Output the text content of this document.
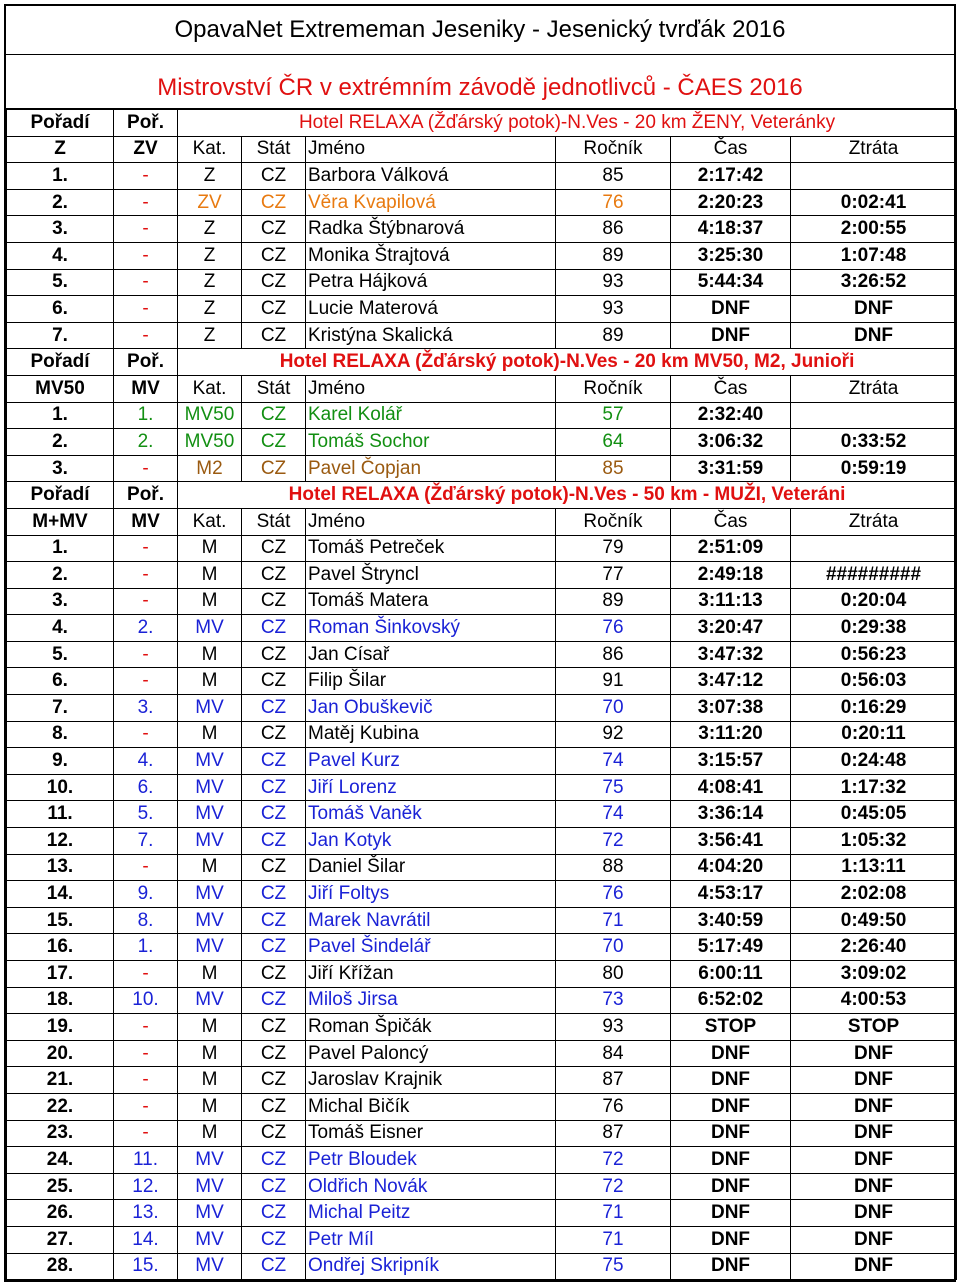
OpavaNet Extrememan Jeseniky - Jesenický tvrďák 2016
Mistrovství ČR v extrémním závodě jednotlivců - ČAES 2016
Pořadí	Poř.	Hotel RELAXA (Žďárský potok)-N.Ves - 20 km ŽENY, Veteránky					
Z	ZV	Kat.	Stát	Jméno	Ročník	Čas	Ztráta
1.	-	Z	CZ	Barbora Válková	85	2:17:42	
2.	-	ZV	CZ	Věra Kvapilová	76	2:20:23	0:02:41
3.	-	Z	CZ	Radka Štýbnarová	86	4:18:37	2:00:55
4.	-	Z	CZ	Monika Štrajtová	89	3:25:30	1:07:48
5.	-	Z	CZ	Petra Hájková	93	5:44:34	3:26:52
6.	-	Z	CZ	Lucie Materová	93	DNF	DNF
7.	-	Z	CZ	Kristýna Skalická	89	DNF	DNF
Pořadí	Poř.	Hotel RELAXA (Žďárský potok)-N.Ves - 20 km MV50, M2, Junioři					
MV50	MV	Kat.	Stát	Jméno	Ročník	Čas	Ztráta
1.	1.	MV50	CZ	Karel Kolář	57	2:32:40	
2.	2.	MV50	CZ	Tomáš Sochor	64	3:06:32	0:33:52
3.	-	M2	CZ	Pavel Čopjan	85	3:31:59	0:59:19
Pořadí	Poř.	Hotel RELAXA (Žďárský potok)-N.Ves - 50 km - MUŽI, Veteráni					
M+MV	MV	Kat.	Stát	Jméno	Ročník	Čas	Ztráta
1.	-	M	CZ	Tomáš Petreček	79	2:51:09	
2.	-	M	CZ	Pavel Štryncl	77	2:49:18	#########
3.	-	M	CZ	Tomáš Matera	89	3:11:13	0:20:04
4.	2.	MV	CZ	Roman Šinkovský	76	3:20:47	0:29:38
5.	-	M	CZ	Jan Císař	86	3:47:32	0:56:23
6.	-	M	CZ	Filip Šilar	91	3:47:12	0:56:03
7.	3.	MV	CZ	Jan Obuškevič	70	3:07:38	0:16:29
8.	-	M	CZ	Matěj Kubina	92	3:11:20	0:20:11
9.	4.	MV	CZ	Pavel Kurz	74	3:15:57	0:24:48
10.	6.	MV	CZ	Jiří Lorenz	75	4:08:41	1:17:32
11.	5.	MV	CZ	Tomáš Vaněk	74	3:36:14	0:45:05
12.	7.	MV	CZ	Jan Kotyk	72	3:56:41	1:05:32
13.	-	M	CZ	Daniel Šilar	88	4:04:20	1:13:11
14.	9.	MV	CZ	Jiří Foltys	76	4:53:17	2:02:08
15.	8.	MV	CZ	Marek Navrátil	71	3:40:59	0:49:50
16.	1.	MV	CZ	Pavel Šindelář	70	5:17:49	2:26:40
17.	-	M	CZ	Jiří Křížan	80	6:00:11	3:09:02
18.	10.	MV	CZ	Miloš Jirsa	73	6:52:02	4:00:53
19.	-	M	CZ	Roman Špičák	93	STOP	STOP
20.	-	M	CZ	Pavel Paloncý	84	DNF	DNF
21.	-	M	CZ	Jaroslav Krajnik	87	DNF	DNF
22.	-	M	CZ	Michal Bičík	76	DNF	DNF
23.	-	M	CZ	Tomáš Eisner	87	DNF	DNF
24.	11.	MV	CZ	Petr Bloudek	72	DNF	DNF
25.	12.	MV	CZ	Oldřich Novák	72	DNF	DNF
26.	13.	MV	CZ	Michal Peitz	71	DNF	DNF
27.	14.	MV	CZ	Petr Míl	71	DNF	DNF
28.	15.	MV	CZ	Ondřej Skripník	75	DNF	DNF
